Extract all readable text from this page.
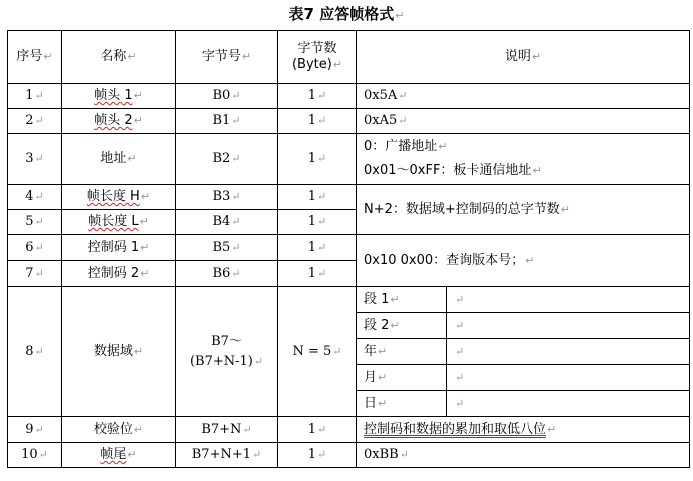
表7 应答帧格式↵
序号↵	名称↵	字节号↵	字节数
(Byte)↵	说明↵	
1↵	帧头 1↵	B0↵	1↵	0x5A↵	
2↵	帧头 2↵	B1↵	1↵	0xA5↵	
3↵	地址↵	B2↵	1↵	0：广播地址↵
0x01～0xFF：板卡通信地址↵	

4↵	帧长度 H↵	B3↵	1↵	N+2：数据域+控制码的总字节数↵	
5↵	帧长度 L↵	B4↵	1↵		
6↵	控制码 1↵	B5↵	1↵	0x10 0x00：查询版本号；↵	
7↵	控制码 2↵	B6↵	1↵		
8↵	数据域↵	B7～
(B7+N-1)↵	N = 5↵	段 1↵	↵
				段 2↵	↵
				年↵	↵
				月↵	↵
				日↵	↵
9↵	校验位↵	B7+N↵	1↵	控制码和数据的累加和取低八位↵	
10↵	帧尾↵	B7+N+1↵	1↵	0xBB↵	
